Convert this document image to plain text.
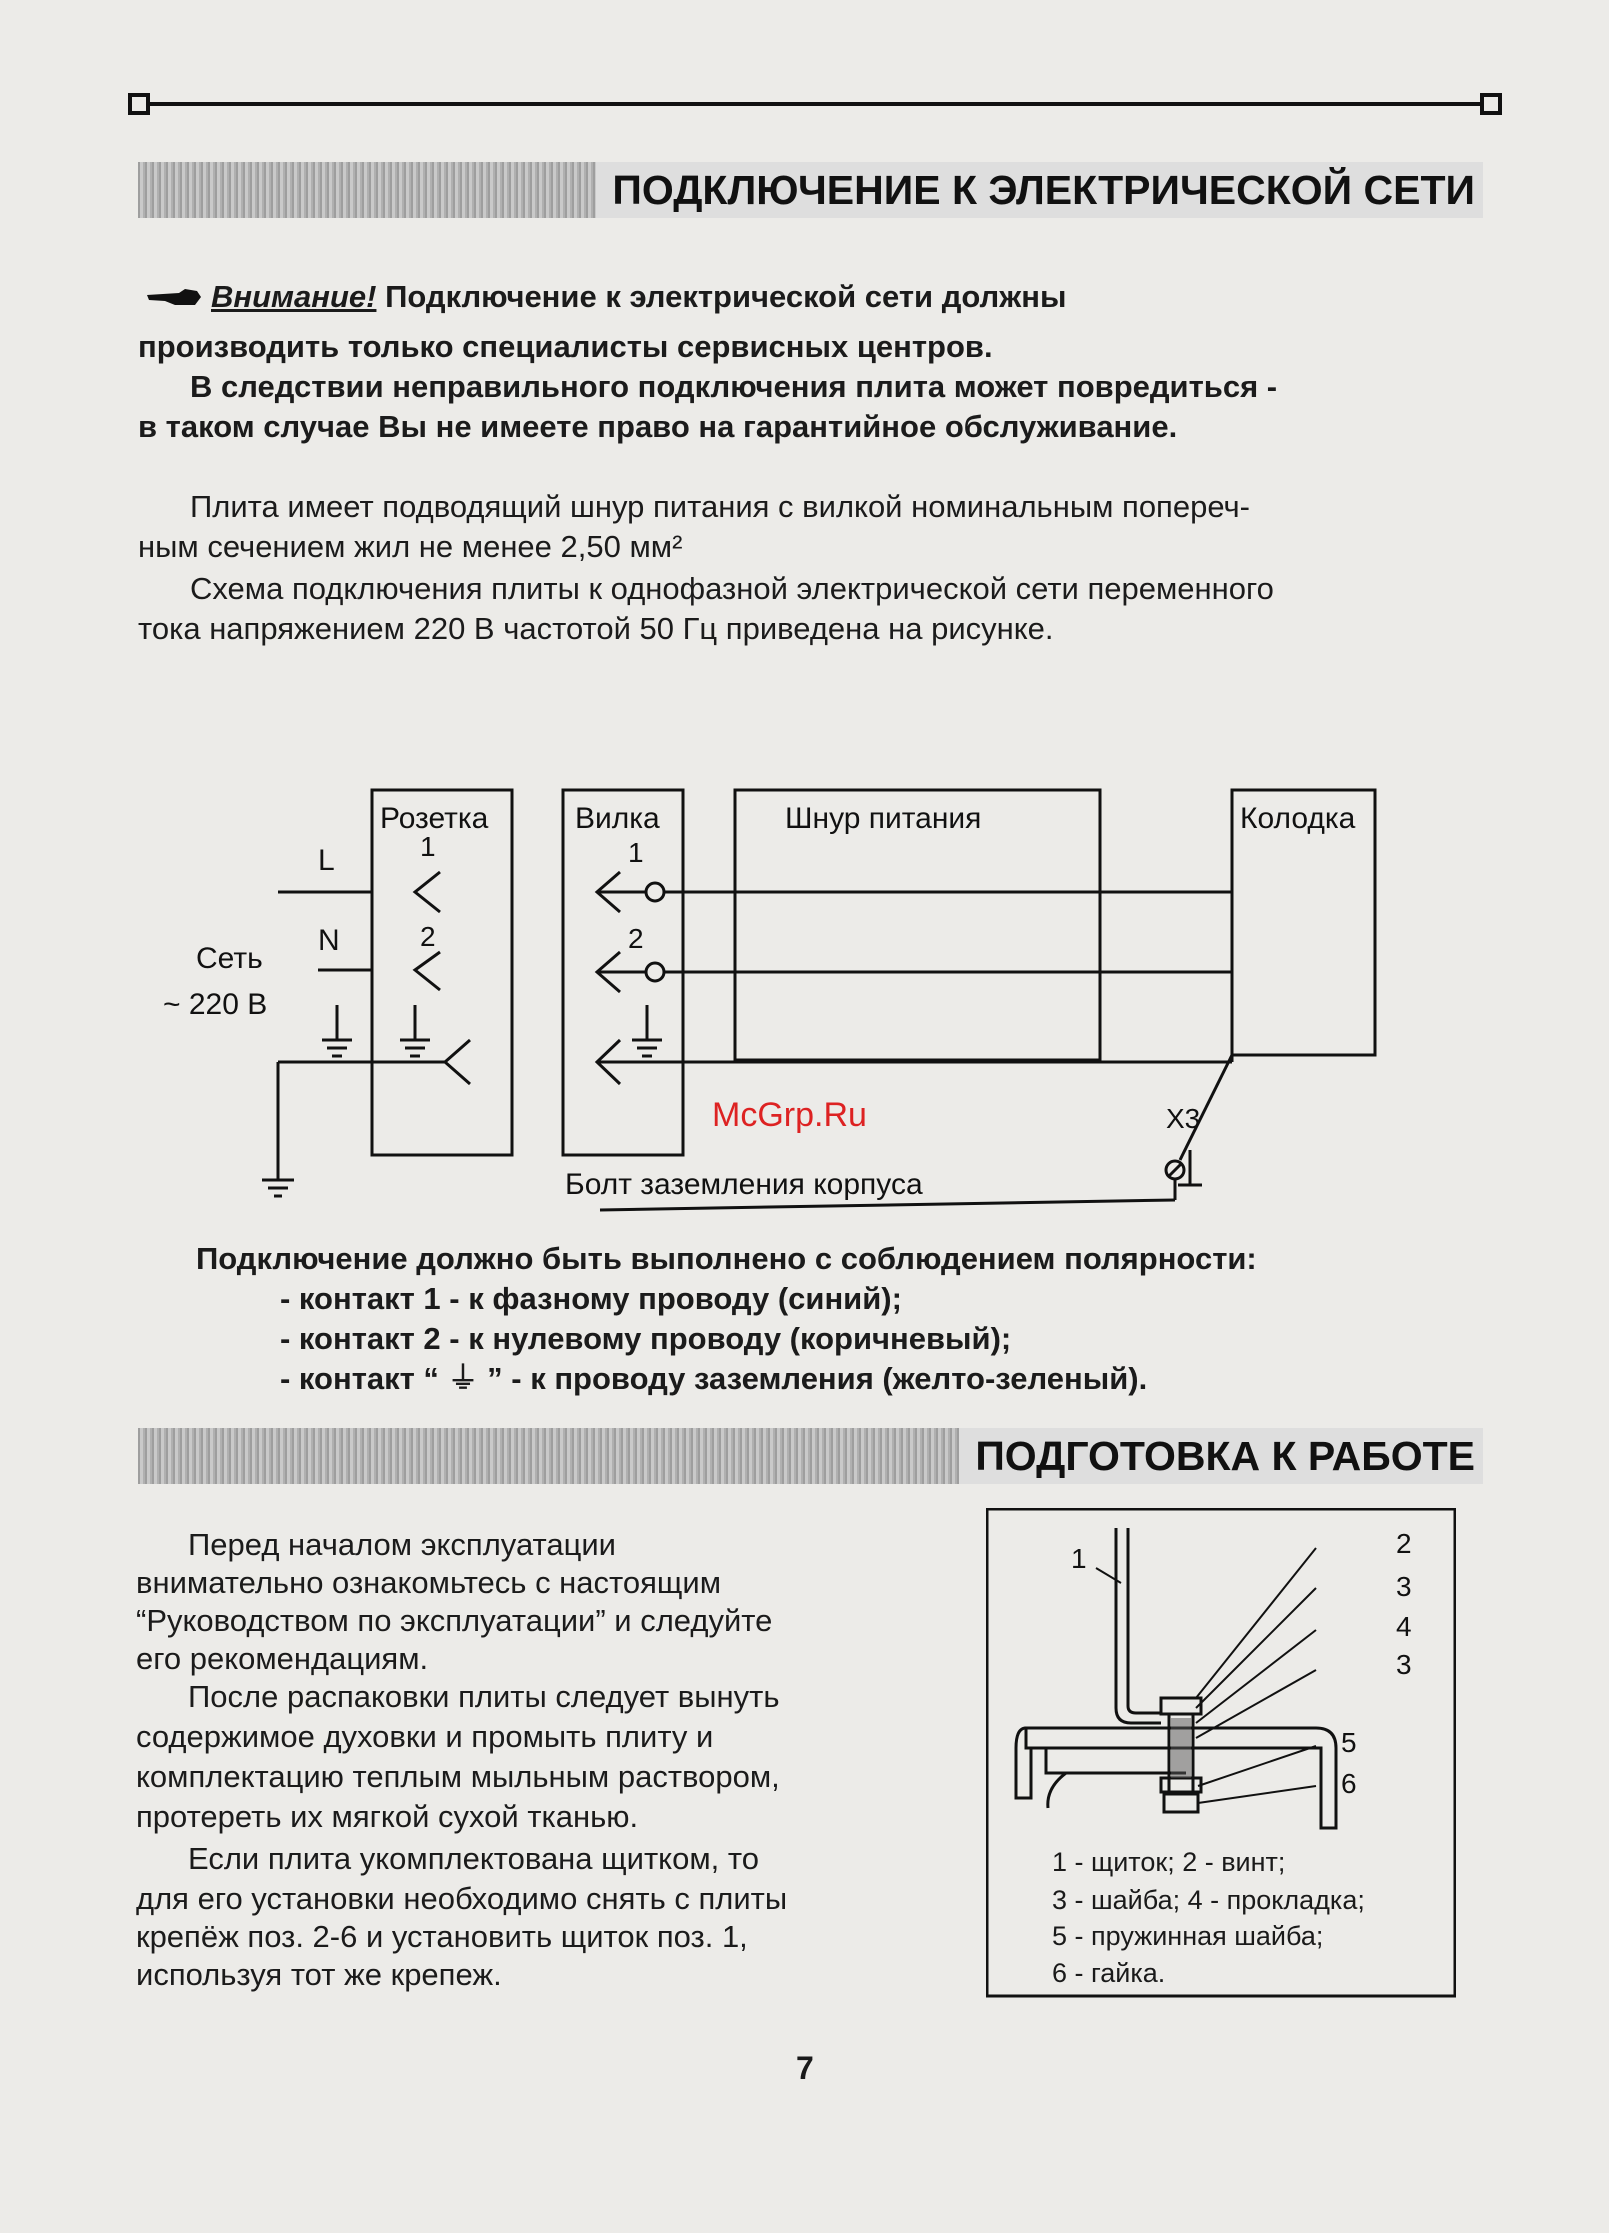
ПОДКЛЮЧЕНИЕ К ЭЛЕКТРИЧЕСКОЙ СЕТИ
Внимание! Подключение к электрической сети должны
производить только специалисты сервисных центров.
В следствии неправильного подключения плита может повредиться -
в таком случае Вы не имеете право на гарантийное обслуживание.
Плита имеет подводящий шнур питания с вилкой номинальным попереч-
ным сечением жил не менее 2,50 мм²
Схема подключения плиты к однофазной электрической сети переменного
тока напряжением 220 В частотой 50 Гц приведена на рисунке.
Розетка	Вилка	Шнур питания	Колодка
L
N
1
2
1
2
Сеть
~ 220 В
Х3
Болт заземления корпуса
Подключение должно быть выполнено с соблюдением полярности:
- контакт 1 - к фазному проводу (синий);
- контакт 2 - к нулевому проводу (коричневый);
- контакт “ ⏚ ” - к проводу заземления (желто-зеленый).
ПОДГОТОВКА К РАБОТЕ
Перед началом эксплуатации
внимательно ознакомьтесь с настоящим
“Руководством по эксплуатации” и следуйте
его рекомендациям.
После распаковки плиты следует вынуть
содержимое духовки и промыть плиту и
комплектацию теплым мыльным раствором,
протереть их мягкой сухой тканью.
Если плита укомплектована щитком, то
для его установки необходимо снять с плиты
крепёж поз. 2-6 и установить щиток поз. 1,
используя тот же крепеж.
1	2
3
4
3
5
6
1 - щиток; 2 - винт;
3 - шайба; 4 - прокладка;
5 - пружинная шайба;
6 - гайка.
McGrp.Ru
7
